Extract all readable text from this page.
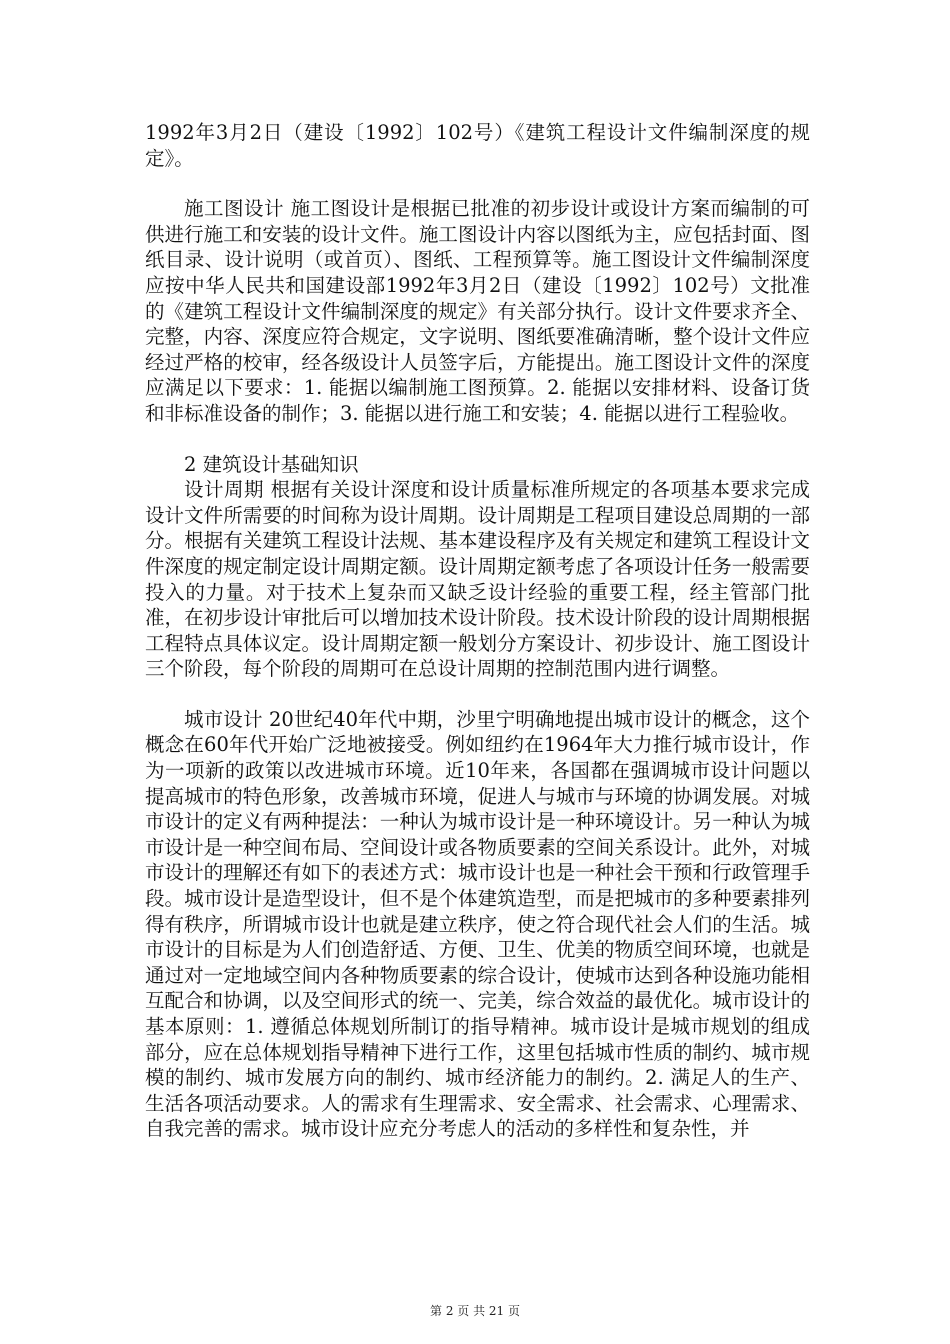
1992年3月2日（建设〔1992〕102号）《建筑工程设计文件编制深度的规定》。

施工图设计 施工图设计是根据已批准的初步设计或设计方案而编制的可供进行施工和安装的设计文件。施工图设计内容以图纸为主，应包括封面、图纸目录、设计说明（或首页）、图纸、工程预算等。施工图设计文件编制深度应按中华人民共和国建设部1992年3月2日（建设〔1992〕102号）文批准的《建筑工程设计文件编制深度的规定》有关部分执行。设计文件要求齐全、完整，内容、深度应符合规定，文字说明、图纸要准确清晰，整个设计文件应经过严格的校审，经各级设计人员签字后，方能提出。施工图设计文件的深度应满足以下要求：1. 能据以编制施工图预算。2. 能据以安排材料、设备订货和非标准设备的制作；3. 能据以进行施工和安装；4. 能据以进行工程验收。

2 建筑设计基础知识

设计周期 根据有关设计深度和设计质量标准所规定的各项基本要求完成设计文件所需要的时间称为设计周期。设计周期是工程项目建设总周期的一部分。根据有关建筑工程设计法规、基本建设程序及有关规定和建筑工程设计文件深度的规定制定设计周期定额。设计周期定额考虑了各项设计任务一般需要投入的力量。对于技术上复杂而又缺乏设计经验的重要工程，经主管部门批准，在初步设计审批后可以增加技术设计阶段。技术设计阶段的设计周期根据工程特点具体议定。设计周期定额一般划分方案设计、初步设计、施工图设计三个阶段，每个阶段的周期可在总设计周期的控制范围内进行调整。

城市设计 20世纪40年代中期，沙里宁明确地提出城市设计的概念，这个概念在60年代开始广泛地被接受。例如纽约在1964年大力推行城市设计，作为一项新的政策以改进城市环境。近10年来，各国都在强调城市设计问题以提高城市的特色形象，改善城市环境，促进人与城市与环境的协调发展。对城市设计的定义有两种提法：一种认为城市设计是一种环境设计。另一种认为城市设计是一种空间布局、空间设计或各物质要素的空间关系设计。此外，对城市设计的理解还有如下的表述方式：城市设计也是一种社会干预和行政管理手段。城市设计是造型设计，但不是个体建筑造型，而是把城市的多种要素排列得有秩序，所谓城市设计也就是建立秩序，使之符合现代社会人们的生活。城市设计的目标是为人们创造舒适、方便、卫生、优美的物质空间环境，也就是通过对一定地域空间内各种物质要素的综合设计，使城市达到各种设施功能相互配合和协调，以及空间形式的统一、完美，综合效益的最优化。城市设计的基本原则：1. 遵循总体规划所制订的指导精神。城市设计是城市规划的组成部分，应在总体规划指导精神下进行工作，这里包括城市性质的制约、城市规模的制约、城市发展方向的制约、城市经济能力的制约。2. 满足人的生产、生活各项活动要求。人的需求有生理需求、安全需求、社会需求、心理需求、自我完善的需求。城市设计应充分考虑人的活动的多样性和复杂性，并

第 2 页 共 21 页
